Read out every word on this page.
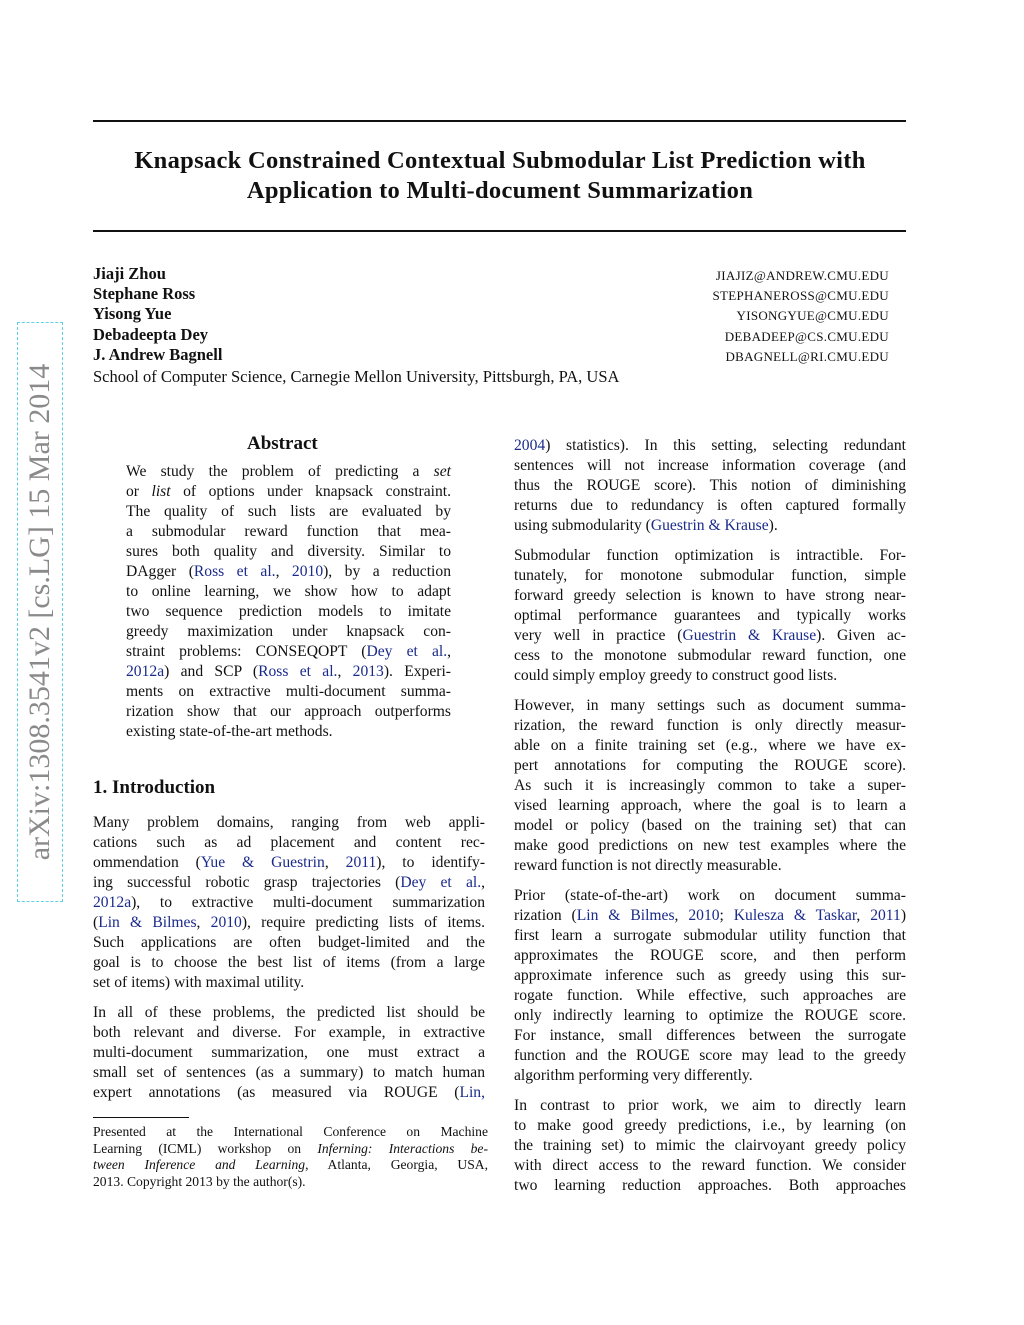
Knapsack Constrained Contextual Submodular List Prediction with
Application to Multi-document Summarization
Jiaji Zhou
Stephane Ross
Yisong Yue
Debadeepta Dey
J. Andrew Bagnell
JIAJIZ@ANDREW.CMU.EDU
STEPHANEROSS@CMU.EDU
YISONGYUE@CMU.EDU
DEBADEEP@CS.CMU.EDU
DBAGNELL@RI.CMU.EDU
School of Computer Science, Carnegie Mellon University, Pittsburgh, PA, USA
arXiv:1308.3541v2 [cs.LG] 15 Mar 2014	Abstract
We study the problem of predicting a set
or list of options under knapsack constraint.
The quality of such lists are evaluated by
a submodular reward function that mea-
sures both quality and diversity. Similar to
DAgger (Ross et al., 2010), by a reduction
to online learning, we show how to adapt
two sequence prediction models to imitate
greedy maximization under knapsack con-
straint problems: CONSEQOPT (Dey et al.,
2012a) and SCP (Ross et al., 2013). Experi-
ments on extractive multi-document summa-
rization show that our approach outperforms
existing state-of-the-art methods.
1. Introduction
Many problem domains, ranging from web appli-
cations such as ad placement and content rec-
ommendation (Yue & Guestrin, 2011), to identify-
ing successful robotic grasp trajectories (Dey et al.,
2012a), to extractive multi-document summarization
(Lin & Bilmes, 2010), require predicting lists of items.
Such applications are often budget-limited and the
goal is to choose the best list of items (from a large
set of items) with maximal utility.
In all of these problems, the predicted list should be
both relevant and diverse. For example, in extractive
multi-document summarization, one must extract a
small set of sentences (as a summary) to match human
expert annotations (as measured via ROUGE (Lin,
Presented at the International Conference on Machine
Learning (ICML) workshop on Inferning: Interactions be-
tween Inference and Learning, Atlanta, Georgia, USA,
2013. Copyright 2013 by the author(s).
2004) statistics). In this setting, selecting redundant
sentences will not increase information coverage (and
thus the ROUGE score). This notion of diminishing
returns due to redundancy is often captured formally
using submodularity (Guestrin & Krause).
Submodular function optimization is intractible. For-
tunately, for monotone submodular function, simple
forward greedy selection is known to have strong near-
optimal performance guarantees and typically works
very well in practice (Guestrin & Krause). Given ac-
cess to the monotone submodular reward function, one
could simply employ greedy to construct good lists.
However, in many settings such as document summa-
rization, the reward function is only directly measur-
able on a finite training set (e.g., where we have ex-
pert annotations for computing the ROUGE score).
As such it is increasingly common to take a super-
vised learning approach, where the goal is to learn a
model or policy (based on the training set) that can
make good predictions on new test examples where the
reward function is not directly measurable.
Prior (state-of-the-art) work on document summa-
rization (Lin & Bilmes, 2010; Kulesza & Taskar, 2011)
first learn a surrogate submodular utility function that
approximates the ROUGE score, and then perform
approximate inference such as greedy using this sur-
rogate function. While effective, such approaches are
only indirectly learning to optimize the ROUGE score.
For instance, small differences between the surrogate
function and the ROUGE score may lead to the greedy
algorithm performing very differently.
In contrast to prior work, we aim to directly learn
to make good greedy predictions, i.e., by learning (on
the training set) to mimic the clairvoyant greedy policy
with direct access to the reward function. We consider
two learning reduction approaches. Both approaches
